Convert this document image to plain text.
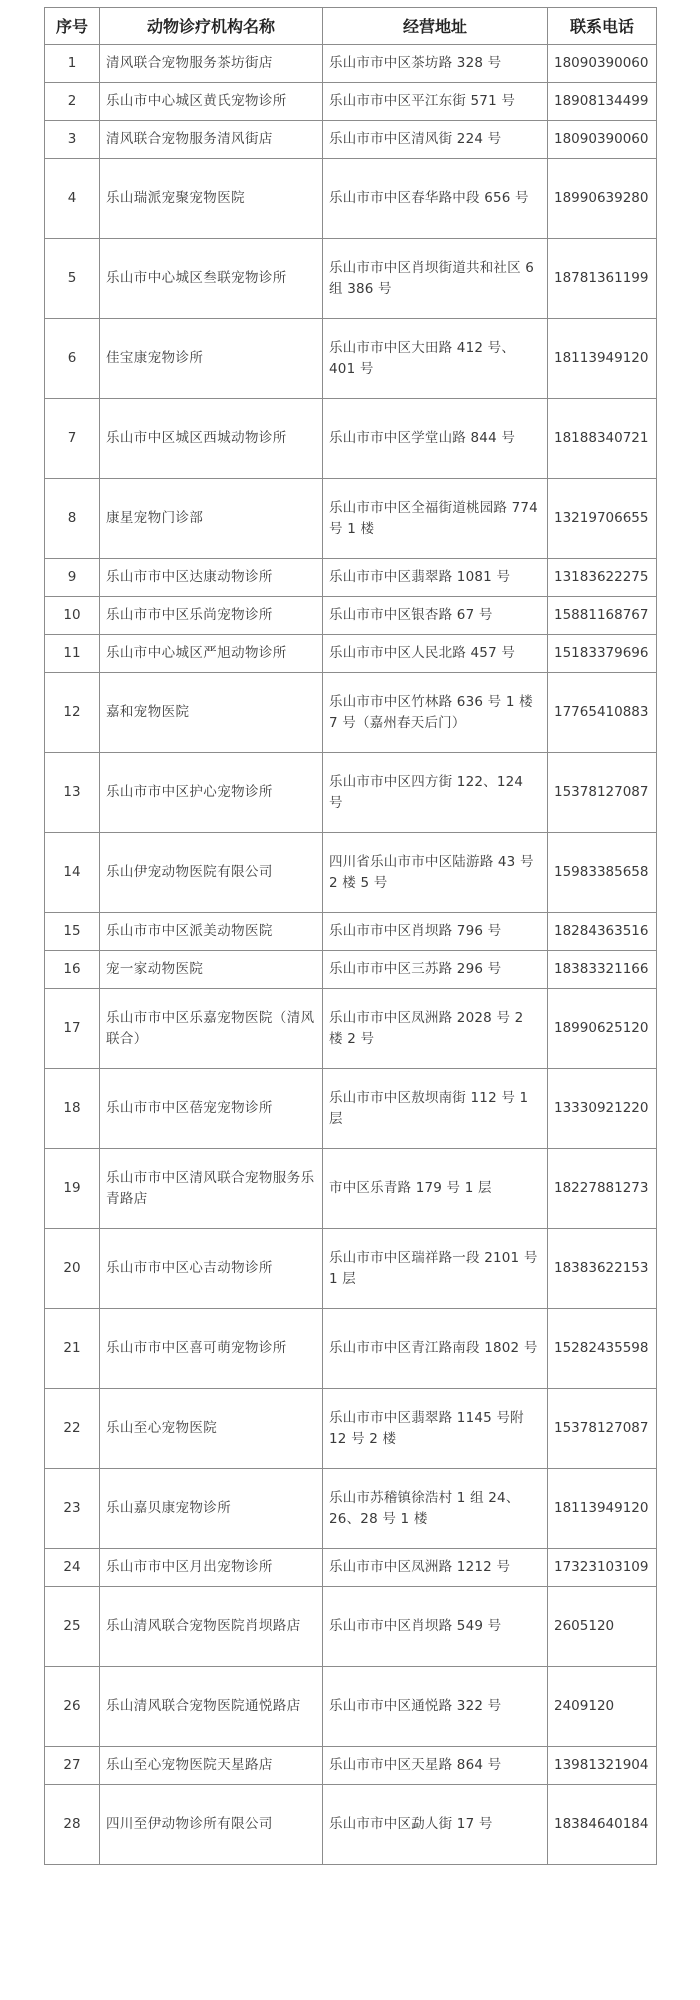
序号	动物诊疗机构名称	经营地址	联系电话
1	清风联合宠物服务茶坊街店	乐山市市中区茶坊路 328 号	18090390060
2	乐山市中心城区黄氏宠物诊所	乐山市市中区平江东街 571 号	18908134499
3	清风联合宠物服务清风街店	乐山市市中区清风街 224 号	18090390060
4	乐山瑞派宠聚宠物医院	乐山市市中区春华路中段 656 号	18990639280
5	乐山市中心城区叁联宠物诊所	乐山市市中区肖坝街道共和社区 6 组 386 号	18781361199
6	佳宝康宠物诊所	乐山市市中区大田路 412 号、401 号	18113949120
7	乐山市中区城区西城动物诊所	乐山市市中区学堂山路 844 号	18188340721
8	康星宠物门诊部	乐山市市中区全福街道桃园路 774 号 1 楼	13219706655
9	乐山市市中区达康动物诊所	乐山市市中区翡翠路 1081 号	13183622275
10	乐山市市中区乐尚宠物诊所	乐山市市中区银杏路 67 号	15881168767
11	乐山市中心城区严旭动物诊所	乐山市市中区人民北路 457 号	15183379696
12	嘉和宠物医院	乐山市市中区竹林路 636 号 1 楼 7 号（嘉州春天后门）	17765410883
13	乐山市市中区护心宠物诊所	乐山市市中区四方街 122、124 号	15378127087
14	乐山伊宠动物医院有限公司	四川省乐山市市中区陆游路 43 号 2 楼 5 号	15983385658
15	乐山市市中区派美动物医院	乐山市市中区肖坝路 796 号	18284363516
16	宠一家动物医院	乐山市市中区三苏路 296 号	18383321166
17	乐山市市中区乐嘉宠物医院（清风联合）	乐山市市中区凤洲路 2028 号 2 楼 2 号	18990625120
18	乐山市市中区蓓宠宠物诊所	乐山市市中区敖坝南街 112 号 1 层	13330921220
19	乐山市市中区清风联合宠物服务乐青路店	市中区乐青路 179 号 1 层	18227881273
20	乐山市市中区心吉动物诊所	乐山市市中区瑞祥路一段 2101 号 1 层	18383622153
21	乐山市市中区喜可萌宠物诊所	乐山市市中区青江路南段 1802 号	15282435598
22	乐山至心宠物医院	乐山市市中区翡翠路 1145 号附 12 号 2 楼	15378127087
23	乐山嘉贝康宠物诊所	乐山市苏稽镇徐浩村 1 组 24、26、28 号 1 楼	18113949120
24	乐山市市中区月出宠物诊所	乐山市市中区凤洲路 1212 号	17323103109
25	乐山清风联合宠物医院肖坝路店	乐山市市中区肖坝路 549 号	2605120
26	乐山清风联合宠物医院通悦路店	乐山市市中区通悦路 322 号	2409120
27	乐山至心宠物医院天星路店	乐山市市中区天星路 864 号	13981321904
28	四川至伊动物诊所有限公司	乐山市市中区勐人街 17 号	18384640184
